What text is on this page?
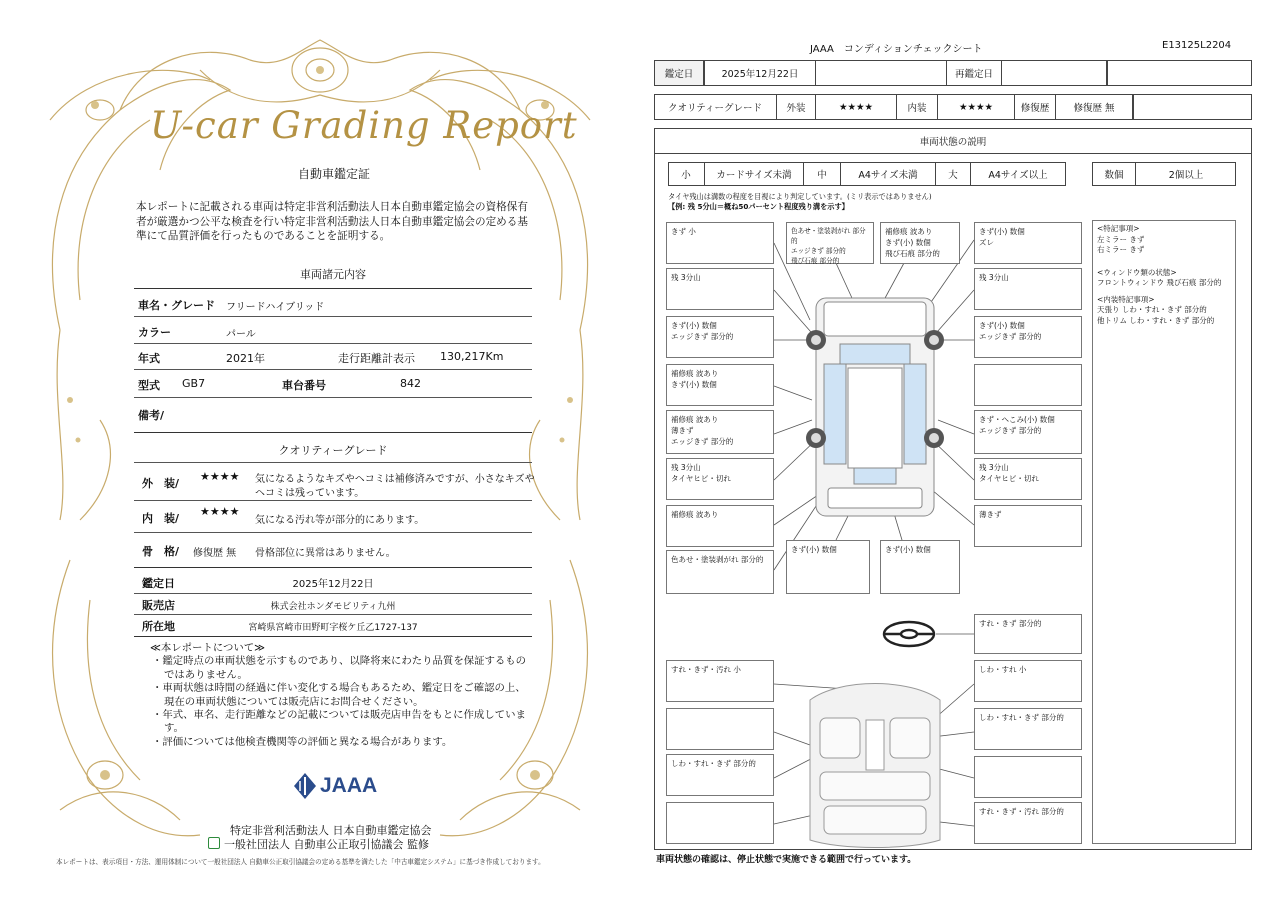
U-car Grading Report
自動車鑑定証
本レポートに記載される車両は特定非営利活動法人日本自動車鑑定協会の資格保有者が厳選かつ公平な検査を行い特定非営利活動法人日本自動車鑑定協会の定める基準にて品質評価を行ったものであることを証明する。
車両諸元内容
車名・グレード フリードハイブリッド
カラー	パール
年式	2021年	走行距離計表示 130,217Km
型式 GB7	車台番号	842
備考/
クオリティーグレード
外　装/
★★★★ 気になるようなキズやヘコミは補修済みですが、小さなキズや
ヘコミは残っています。
内　装/
★★★★
気になる汚れ等が部分的にあります。
骨　格/ 修復歴 無 骨格部位に異常はありません。
鑑定日	2025年12月22日
販売店	株式会社ホンダモビリティ九州
所在地	宮崎県宮崎市田野町字桜ケ丘乙1727-137
≪本レポートについて≫
・鑑定時点の車両状態を示すものであり、以降将来にわたり品質を保証するものではありません。
・車両状態は時間の経過に伴い変化する場合もあるため、鑑定日をご確認の上、現在の車両状態については販売店にお問合せください。
・年式、車名、走行距離などの記載については販売店申告をもとに作成しています。
・評価については他検査機関等の評価と異なる場合があります。
JAAA
特定非営利活動法人 日本自動車鑑定協会
一般社団法人 自動車公正取引協議会 監修
本レポートは、表示項目・方法、運用体制について一般社団法人 自動車公正取引協議会の定める基準を満たした「中古車鑑定システム」に基づき作成しております。
JAAA　コンディションチェックシート	E13125L2204
鑑定日	2025年12月22日	再鑑定日
クオリティーグレード	外装	★★★★	内装	★★★★	修復歴	修復歴 無
車両状態の説明
小	カードサイズ未満	中	A4サイズ未満	大	A4サイズ以上	数個	2個以上
タイヤ残山は溝数の程度を目視により判定しています。(ミリ表示ではありません)
【例: 残 5分山＝概ね50パーセント程度残り溝を示す】
きず 小	色あせ・塗装剥がれ 部分的
エッジきず 部分的
飛び石痕 部分的
補修痕 波あり
きず(小) 数個
飛び石痕 部分的
きず(小) 数個
ズレ
残 3分山	残 3分山
きず(小) 数個
エッジきず 部分的
きず(小) 数個
エッジきず 部分的
補修痕 波あり
きず(小) 数個
補修痕 波あり
薄きず
エッジきず 部分的
きず・へこみ(小) 数個
エッジきず 部分的
残 3分山
タイヤヒビ・切れ
残 3分山
タイヤヒビ・切れ
補修痕 波あり	薄きず
色あせ・塗装剥がれ 部分的
きず(小) 数個	きず(小) 数個
すれ・きず 部分的
すれ・きず・汚れ 小	しわ・すれ 小
しわ・すれ・きず 部分的
しわ・すれ・きず 部分的
すれ・きず・汚れ 部分的
<特記事項>
左ミラー きず
右ミラー きず
<ウィンドウ類の状態>
フロントウィンドウ 飛び石痕 部分的
<内装特記事項>
天張り しわ・すれ・きず 部分的
他トリム しわ・すれ・きず 部分的
車両状態の確認は、停止状態で実施できる範囲で行っています。
